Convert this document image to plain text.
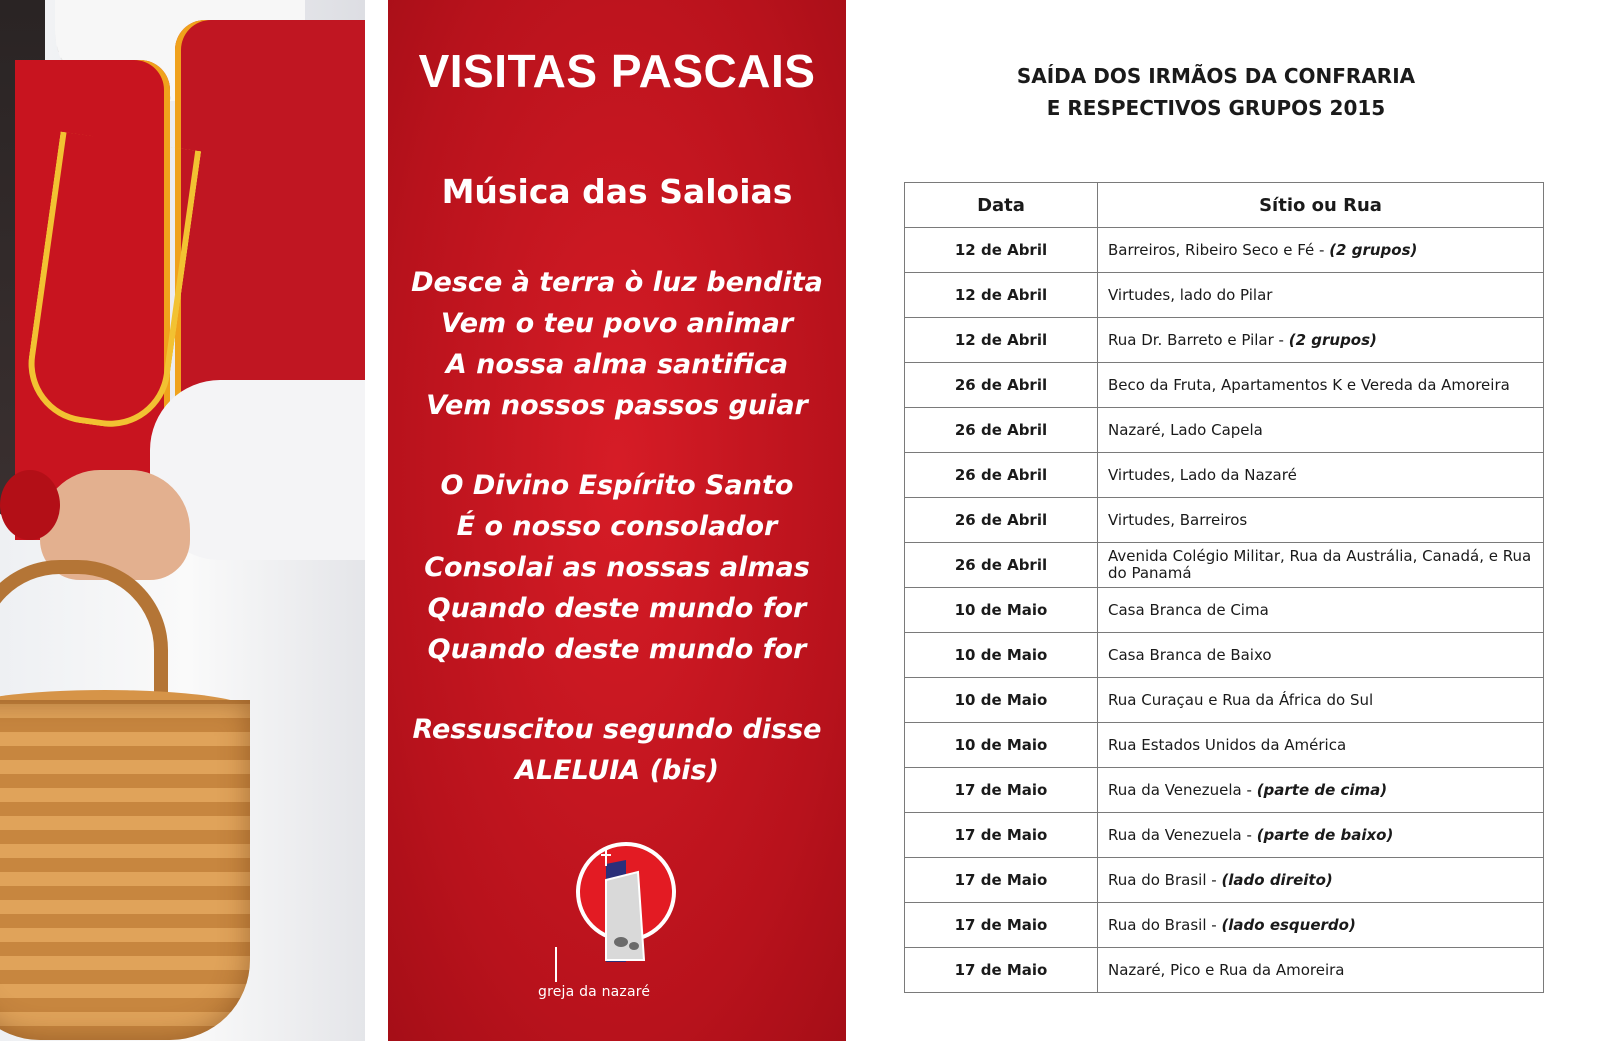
VISITAS PASCAIS
Música das Saloias
Desce à terra ò luz bendita
Vem o teu povo animar
A nossa alma santifica
Vem nossos passos guiar
O Divino Espírito Santo
É o nosso consolador
Consolai as nossas almas
Quando deste mundo for
Quando deste mundo for
Ressuscitou segundo disse
ALELUIA (bis)
greja da nazaré
SAÍDA DOS IRMÃOS DA CONFRARIA
E RESPECTIVOS GRUPOS 2015
Data	Sítio ou Rua
12 de Abril	Barreiros, Ribeiro Seco e Fé - (2 grupos)
12 de Abril	Virtudes, lado do Pilar
12 de Abril	Rua Dr. Barreto e Pilar - (2 grupos)
26 de Abril	Beco da Fruta, Apartamentos K e Vereda da Amoreira
26 de Abril	Nazaré, Lado Capela
26 de Abril	Virtudes, Lado da Nazaré
26 de Abril	Virtudes, Barreiros
26 de Abril	Avenida Colégio Militar, Rua da Austrália, Canadá, e Rua do Panamá
10 de Maio	Casa Branca de Cima
10 de Maio	Casa Branca de Baixo
10 de Maio	Rua Curaçau e Rua da África do Sul
10 de Maio	Rua Estados Unidos da América
17 de Maio	Rua da Venezuela - (parte de cima)
17 de Maio	Rua da Venezuela - (parte de baixo)
17 de Maio	Rua do Brasil - (lado direito)
17 de Maio	Rua do Brasil - (lado esquerdo)
17 de Maio	Nazaré, Pico e Rua da Amoreira
